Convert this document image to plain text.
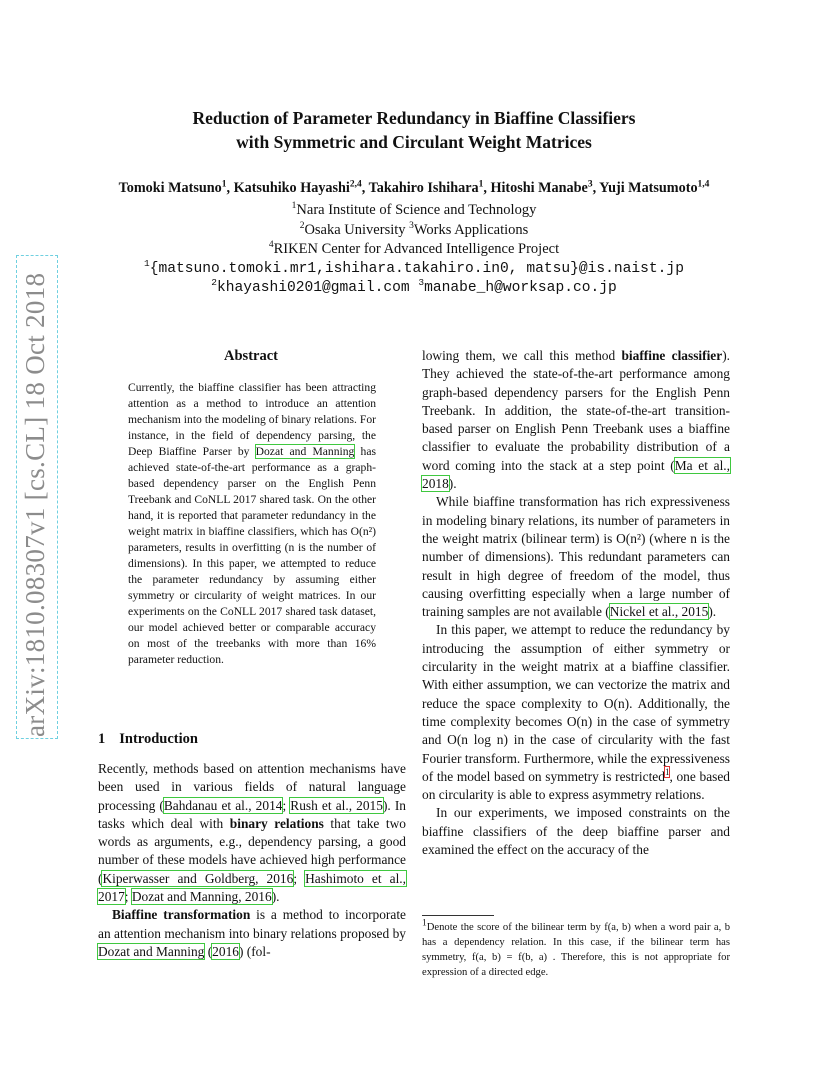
arXiv:1810.08307v1 [cs.CL] 18 Oct 2018
Reduction of Parameter Redundancy in Biaffine Classifiers
with Symmetric and Circulant Weight Matrices
Tomoki Matsuno$^1$, Katsuhiko Hayashi$^{2,4}$, Takahiro Ishihara$^1$, Hitoshi Manabe$^3$, Yuji Matsumoto$^{1,4}$
$^1$Nara Institute of Science and Technology
$^2$Osaka University $^3$Works Applications
$^4$RIKEN Center for Advanced Intelligence Project
$^1${matsuno.tomoki.mr1,ishihara.takahiro.in0, matsu}@is.naist.jp
$^2$khayashi0201@gmail.com $^3$manabe_h@worksap.co.jp
Abstract
Currently, the biaffine classifier has been attracting attention as a method to introduce an attention mechanism into the modeling of binary relations. For instance, in the field of dependency parsing, the Deep Biaffine Parser by Dozat and Manning has achieved state-of-the-art performance as a graph-based dependency parser on the English Penn Treebank and CoNLL 2017 shared task. On the other hand, it is reported that parameter redundancy in the weight matrix in biaffine classifiers, which has O(n²) parameters, results in overfitting (n is the number of dimensions). In this paper, we attempted to reduce the parameter redundancy by assuming either symmetry or circularity of weight matrices. In our experiments on the CoNLL 2017 shared task dataset, our model achieved better or comparable accuracy on most of the treebanks with more than 16% parameter reduction.
1 Introduction

Recently, methods based on attention mechanisms have been used in various fields of natural language processing (Bahdanau et al., 2014; Rush et al., 2015). In tasks which deal with binary relations that take two words as arguments, e.g., dependency parsing, a good number of these models have achieved high performance (Kiperwasser and Goldberg, 2016; Hashimoto et al., 2017; Dozat and Manning, 2016).

Biaffine transformation is a method to incorporate an attention mechanism into binary relations proposed by Dozat and Manning (2016) (fol-

lowing them, we call this method biaffine classifier). They achieved the state-of-the-art performance among graph-based dependency parsers for the English Penn Treebank. In addition, the state-of-the-art transition-based parser on English Penn Treebank uses a biaffine classifier to evaluate the probability distribution of a word coming into the stack at a step point (Ma et al., 2018).

While biaffine transformation has rich expressiveness in modeling binary relations, its number of parameters in the weight matrix (bilinear term) is O(n²) (where n is the number of dimensions). This redundant parameters can result in high degree of freedom of the model, thus causing overfitting especially when a large number of training samples are not available (Nickel et al., 2015).

In this paper, we attempt to reduce the redundancy by introducing the assumption of either symmetry or circularity in the weight matrix at a biaffine classifier. With either assumption, we can vectorize the matrix and reduce the space complexity to O(n). Additionally, the time complexity becomes O(n) in the case of symmetry and O(n log n) in the case of circularity with the fast Fourier transform. Furthermore, while the expressiveness of the model based on symmetry is restricted$^1$, one based on circularity is able to express asymmetry relations.

In our experiments, we imposed constraints on the biaffine classifiers of the deep biaffine parser and examined the effect on the accuracy of the

$^1$Denote the score of the bilinear term by f(a, b) when a word pair a, b has a dependency relation. In this case, if the bilinear term has symmetry, f(a, b) = f(b, a) . Therefore, this is not appropriate for expression of a directed edge.
